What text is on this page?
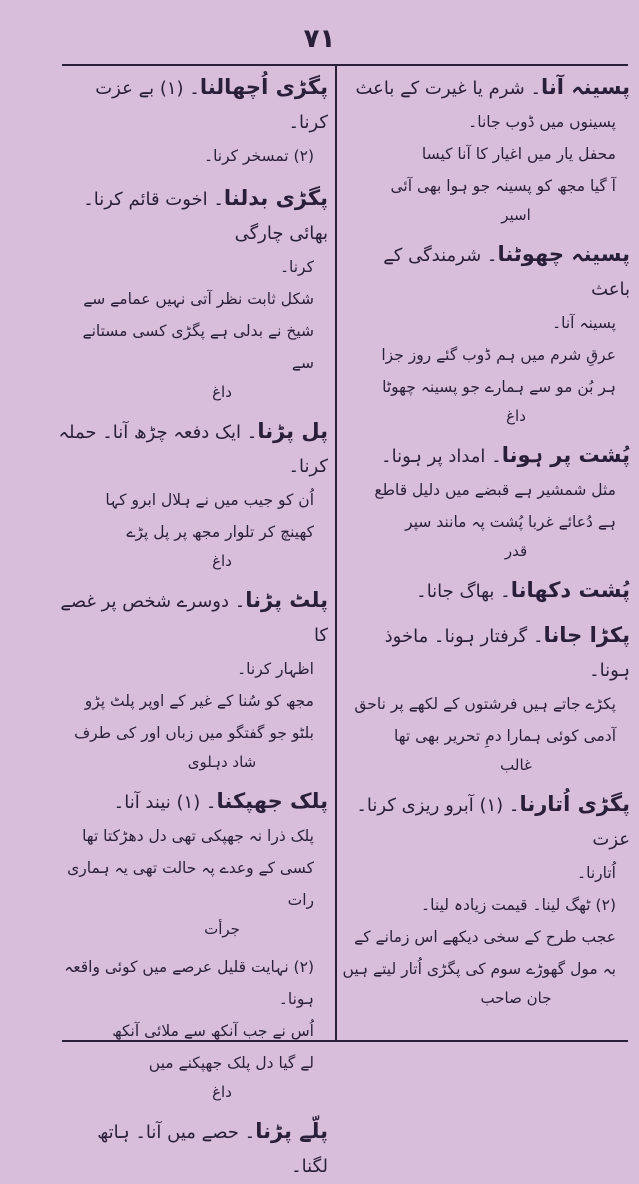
۷۱

پسینہ آنا۔ شرم یا غیرت کے باعث

پسینوں میں ڈوب جانا۔

محفل یار میں اغیار کا آنا کیسا

آ گیا مجھ کو پسینہ جو ہوا بھی آئی

اسیر

پسینہ چھوٹنا۔ شرمندگی کے باعث

پسینہ آنا۔

عرقِ شرم میں ہم ڈوب گئے روز جزا

ہر بُن مو سے ہمارے جو پسینہ چھوٹا

داغ

پُشت پر ہونا۔ امداد پر ہونا۔

مثل شمشیر ہے قبضے میں دلیل قاطع

ہے دُعائے غربا پُشت پہ مانند سپر

قدر

پُشت دکھانا۔ بھاگ جانا۔

پکڑا جانا۔ گرفتار ہونا۔ ماخوذ ہونا۔

پکڑے جاتے ہیں فرشتوں کے لکھے پر ناحق

آدمی کوئی ہمارا دمِ تحریر بھی تھا

غالب

پگڑی اُتارنا۔ (۱) آبرو ریزی کرنا۔ عزت

اُتارنا۔

(۲) ٹھگ لینا۔ قیمت زیادہ لینا۔

عجب طرح کے سخی دیکھے اس زمانے کے

بہ مول گھوڑے سوم کی پگڑی اُتار لیتے ہیں

جان صاحب

پگڑی اُچھالنا۔ (۱) بے عزت کرنا۔

(۲) تمسخر کرنا۔

پگڑی بدلنا۔ اخوت قائم کرنا۔ بھائی چارگی

کرنا۔

شکل ثابت نظر آتی نہیں عمامے سے

شیخ نے بدلی ہے پگڑی کسی مستانے سے

داغ

پل پڑنا۔ ایک دفعہ چڑھ آنا۔ حملہ کرنا۔

اُن کو جیب میں نے ہلال ابرو کہا

کھینچ کر تلوار مجھ پر پل پڑے

داغ

پلٹ پڑنا۔ دوسرے شخص پر غصے کا

اظہار کرنا۔

مجھ کو سُنا کے غیر کے اوپر پلٹ پڑو

بلٹو جو گفتگو میں زباں اور کی طرف

شاد دہلوی

پلک جھپکنا۔ (۱) نیند آنا۔

پلک ذرا نہ جھپکی تھی دل دھڑکتا تھا

کسی کے وعدے پہ حالت تھی یہ ہماری رات

جرأت

(۲) نہایت قلیل عرصے میں کوئی واقعہ

ہونا۔

اُس نے جب آنکھ سے ملائی آنکھ

لے گیا دل پلک جھپکنے میں

داغ

پلّے پڑنا۔ حصے میں آنا۔ ہاتھ لگنا۔
